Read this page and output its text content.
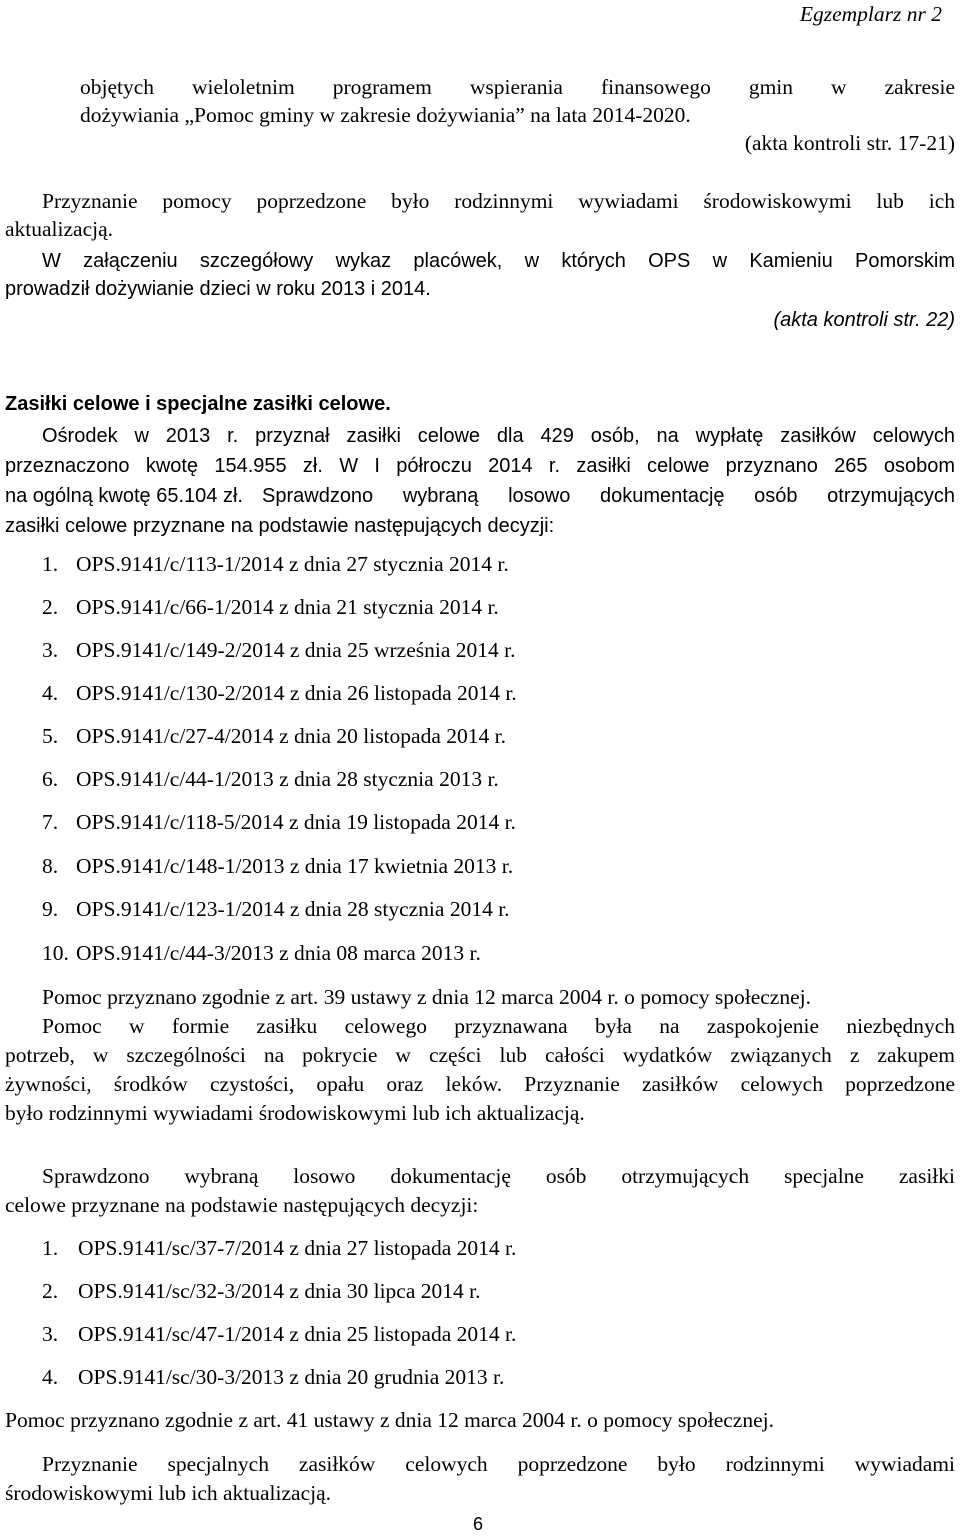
Egzemplarz nr 2
objętych wieloletnim programem wspierania finansowego gmin w zakresie
dożywiania „Pomoc gminy w zakresie dożywiania” na lata 2014-2020.
(akta kontroli str. 17-21)
Przyznanie pomocy poprzedzone było rodzinnymi wywiadami środowiskowymi lub ich
aktualizacją.
W załączeniu szczegółowy wykaz placówek, w których OPS w Kamieniu Pomorskim
prowadził dożywianie dzieci w roku 2013 i 2014.
(akta kontroli str. 22)
Zasiłki celowe i specjalne zasiłki celowe.
Ośrodek w 2013 r. przyznał zasiłki celowe dla 429 osób, na wypłatę zasiłków celowych
przeznaczono kwotę 154.955 zł. W I półroczu 2014 r. zasiłki celowe przyznano 265 osobom
na ogólną kwotę 65.104 zł. Sprawdzono wybraną losowo dokumentację osób otrzymujących
zasiłki celowe przyznane na podstawie następujących decyzji:
1. OPS.9141/c/113-1/2014 z dnia 27 stycznia 2014 r.
2. OPS.9141/c/66-1/2014 z dnia 21 stycznia 2014 r.
3. OPS.9141/c/149-2/2014 z dnia 25 września 2014 r.
4. OPS.9141/c/130-2/2014 z dnia 26 listopada 2014 r.
5. OPS.9141/c/27-4/2014 z dnia 20 listopada 2014 r.
6. OPS.9141/c/44-1/2013 z dnia 28 stycznia 2013 r.
7. OPS.9141/c/118-5/2014 z dnia 19 listopada 2014 r.
8. OPS.9141/c/148-1/2013 z dnia 17 kwietnia 2013 r.
9. OPS.9141/c/123-1/2014 z dnia 28 stycznia 2014 r.
10. OPS.9141/c/44-3/2013 z dnia 08 marca 2013 r.
Pomoc przyznano zgodnie z art. 39 ustawy z dnia 12 marca 2004 r. o pomocy społecznej.
Pomoc w formie zasiłku celowego przyznawana była na zaspokojenie niezbędnych
potrzeb, w szczególności na pokrycie w części lub całości wydatków związanych z zakupem
żywności, środków czystości, opału oraz leków. Przyznanie zasiłków celowych poprzedzone
było rodzinnymi wywiadami środowiskowymi lub ich aktualizacją.
Sprawdzono wybraną losowo dokumentację osób otrzymujących specjalne zasiłki
celowe przyznane na podstawie następujących decyzji:
1. OPS.9141/sc/37-7/2014 z dnia 27 listopada 2014 r.
2. OPS.9141/sc/32-3/2014 z dnia 30 lipca 2014 r.
3. OPS.9141/sc/47-1/2014 z dnia 25 listopada 2014 r.
4. OPS.9141/sc/30-3/2013 z dnia 20 grudnia 2013 r.
Pomoc przyznano zgodnie z art. 41 ustawy z dnia 12 marca 2004 r. o pomocy społecznej.
Przyznanie specjalnych zasiłków celowych poprzedzone było rodzinnymi wywiadami
środowiskowymi lub ich aktualizacją.
6
